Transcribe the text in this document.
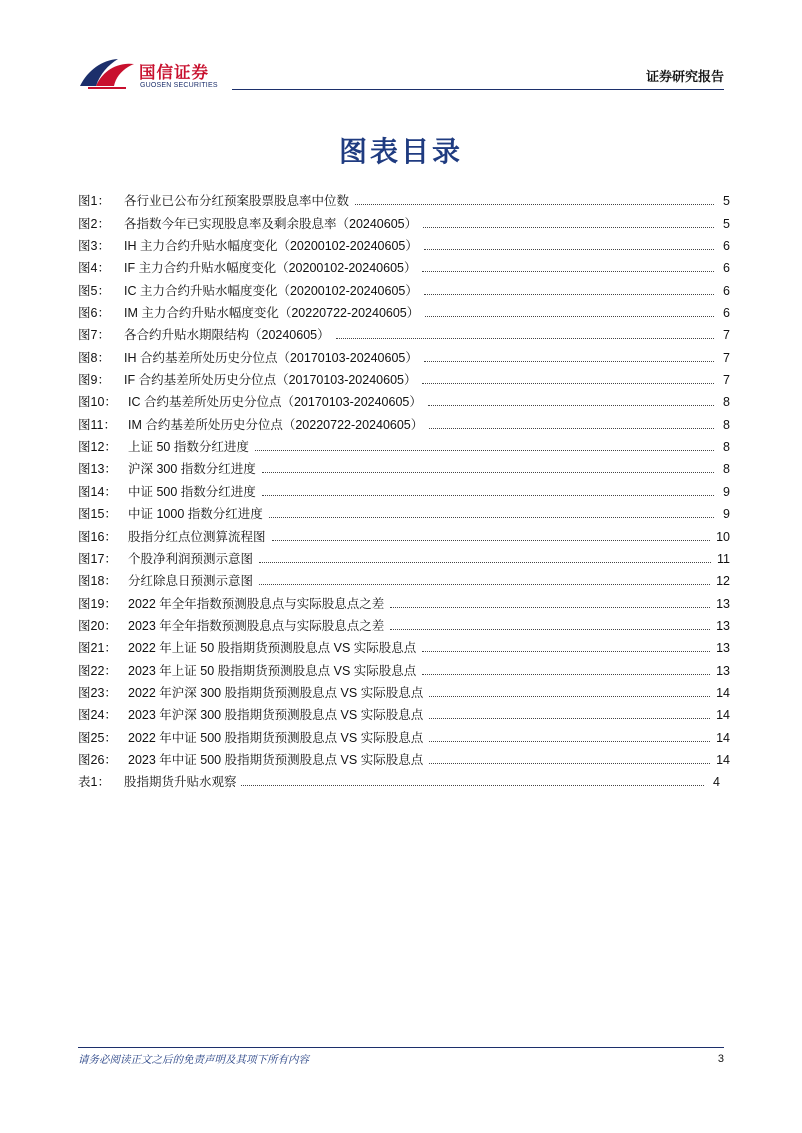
国信证券
GUOSEN SECURITIES
证券研究报告
图表目录
图1：	各行业已公布分红预案股票股息率中位数	5
图2：	各指数今年已实现股息率及剩余股息率（20240605）	5
图3：	IH 主力合约升贴水幅度变化（20200102-20240605）	6
图4：	IF 主力合约升贴水幅度变化（20200102-20240605）	6
图5：	IC 主力合约升贴水幅度变化（20200102-20240605）	6
图6：	IM 主力合约升贴水幅度变化（20220722-20240605）	6
图7：	各合约升贴水期限结构（20240605）	7
图8：	IH 合约基差所处历史分位点（20170103-20240605）	7
图9：	IF 合约基差所处历史分位点（20170103-20240605）	7
图10： IC 合约基差所处历史分位点（20170103-20240605）	8
图11： IM 合约基差所处历史分位点（20220722-20240605）	8
图12： 上证 50 指数分红进度	8
图13： 沪深 300 指数分红进度	8
图14： 中证 500 指数分红进度	9
图15： 中证 1000 指数分红进度	9
图16： 股指分红点位测算流程图	10
图17： 个股净利润预测示意图	11
图18： 分红除息日预测示意图	12
图19： 2022 年全年指数预测股息点与实际股息点之差	13
图20： 2023 年全年指数预测股息点与实际股息点之差	13
图21： 2022 年上证 50 股指期货预测股息点 VS 实际股息点	13
图22： 2023 年上证 50 股指期货预测股息点 VS 实际股息点	13
图23： 2022 年沪深 300 股指期货预测股息点 VS 实际股息点	14
图24： 2023 年沪深 300 股指期货预测股息点 VS 实际股息点	14
图25： 2022 年中证 500 股指期货预测股息点 VS 实际股息点	14
图26： 2023 年中证 500 股指期货预测股息点 VS 实际股息点	14
表1：	股指期货升贴水观察	4
请务必阅读正文之后的免责声明及其项下所有内容	3
